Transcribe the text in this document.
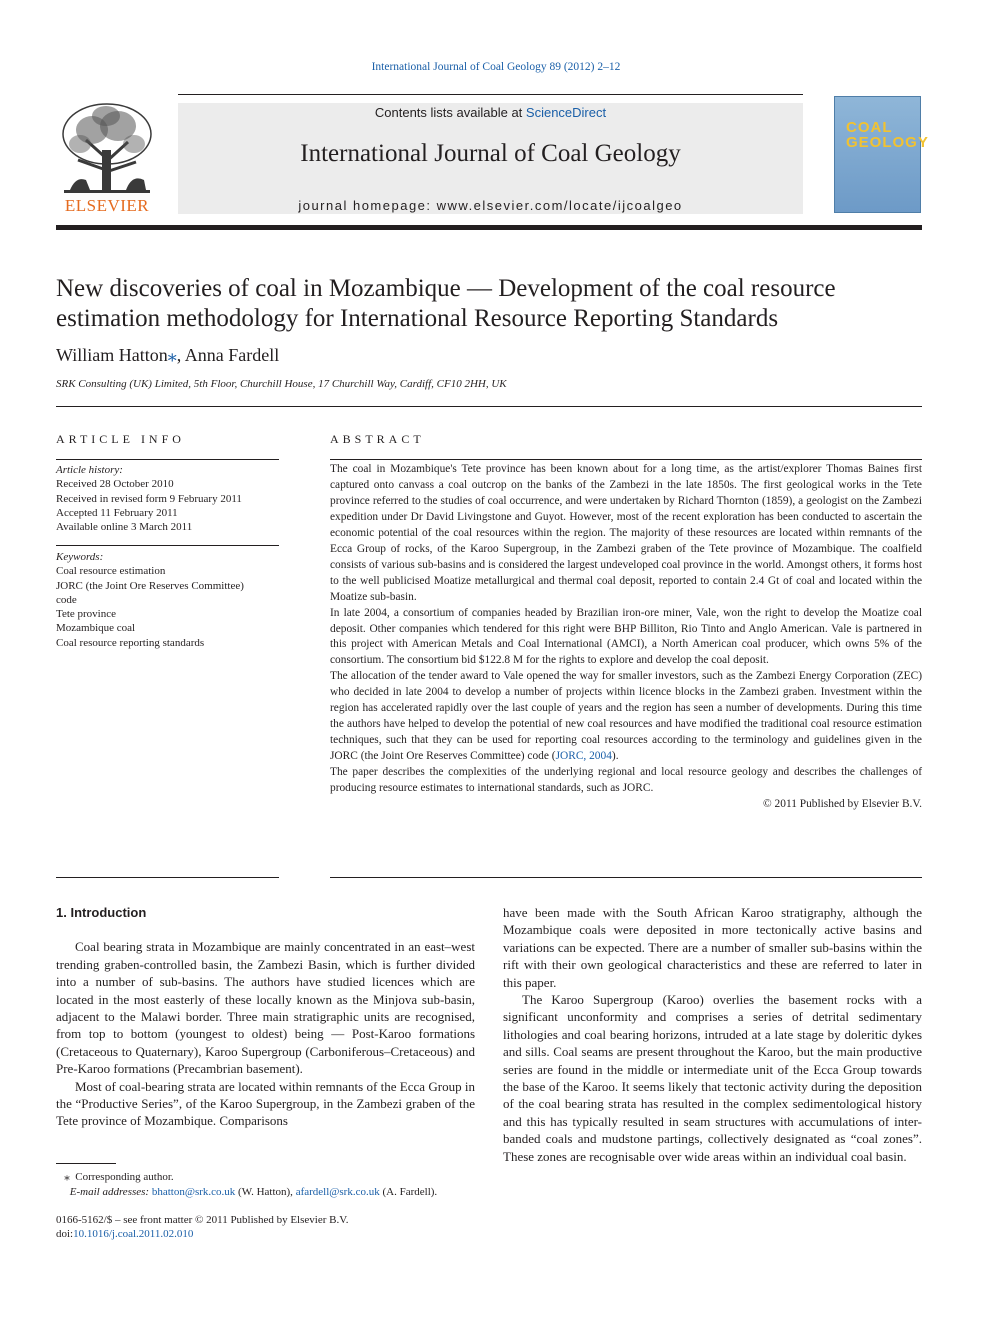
International Journal of Coal Geology 89 (2012) 2–12
ELSEVIER
Contents lists available at ScienceDirect
International Journal of Coal Geology
journal homepage: www.elsevier.com/locate/ijcoalgeo
COAL
GEOLOGY
New discoveries of coal in Mozambique — Development of the coal resource
estimation methodology for International Resource Reporting Standards
William Hatton⁎, Anna Fardell
SRK Consulting (UK) Limited, 5th Floor, Churchill House, 17 Churchill Way, Cardiff, CF10 2HH, UK
ARTICLE INFO
Article history:
Received 28 October 2010
Received in revised form 9 February 2011
Accepted 11 February 2011
Available online 3 March 2011
Keywords:
Coal resource estimation
JORC (the Joint Ore Reserves Committee)
code
Tete province
Mozambique coal
Coal resource reporting standards
ABSTRACT

The coal in Mozambique's Tete province has been known about for a long time, as the artist/explorer Thomas Baines first captured onto canvass a coal outcrop on the banks of the Zambezi in the late 1850s. The first geological works in the Tete province referred to the studies of coal occurrence, and were undertaken by Richard Thornton (1859), a geologist on the Zambezi expedition under Dr David Livingstone and Guyot. However, most of the recent exploration has been conducted to ascertain the economic potential of the coal resources within the region. The majority of these resources are located within remnants of the Ecca Group of rocks, of the Karoo Supergroup, in the Zambezi graben of the Tete province of Mozambique. The coalfield consists of various sub-basins and is considered the largest undeveloped coal province in the world. Amongst others, it forms host to the well publicised Moatize metallurgical and thermal coal deposit, reported to contain 2.4 Gt of coal and located within the Moatize sub-basin.

In late 2004, a consortium of companies headed by Brazilian iron-ore miner, Vale, won the right to develop the Moatize coal deposit. Other companies which tendered for this right were BHP Billiton, Rio Tinto and Anglo American. Vale is partnered in this project with American Metals and Coal International (AMCI), a North American coal producer, which owns 5% of the consortium. The consortium bid $122.8 M for the rights to explore and develop the coal deposit.

The allocation of the tender award to Vale opened the way for smaller investors, such as the Zambezi Energy Corporation (ZEC) who decided in late 2004 to develop a number of projects within licence blocks in the Zambezi graben. Investment within the region has accelerated rapidly over the last couple of years and the region has seen a number of developments. During this time the authors have helped to develop the potential of new coal resources and have modified the traditional coal resource estimation techniques, such that they can be used for reporting coal resources according to the terminology and guidelines given in the JORC (the Joint Ore Reserves Committee) code (JORC, 2004).

The paper describes the complexities of the underlying regional and local resource geology and describes the challenges of producing resource estimates to international standards, such as JORC.

© 2011 Published by Elsevier B.V.

1. Introduction

Coal bearing strata in Mozambique are mainly concentrated in an east–west trending graben-controlled basin, the Zambezi Basin, which is further divided into a number of sub-basins. The authors have studied licences which are located in the most easterly of these locally known as the Minjova sub-basin, adjacent to the Malawi border. Three main stratigraphic units are recognised, from top to bottom (youngest to oldest) being — Post-Karoo formations (Cretaceous to Quaternary), Karoo Supergroup (Carboniferous–Cretaceous) and Pre-Karoo formations (Precambrian basement).

Most of coal-bearing strata are located within remnants of the Ecca Group in the “Productive Series”, of the Karoo Supergroup, in the Zambezi graben of the Tete province of Mozambique. Comparisons

have been made with the South African Karoo stratigraphy, although the Mozambique coals were deposited in more tectonically active basins and variations can be expected. There are a number of smaller sub-basins within the rift with their own geological characteristics and these are referred to later in this paper.

The Karoo Supergroup (Karoo) overlies the basement rocks with a significant unconformity and comprises a series of detrital sedimentary lithologies and coal bearing horizons, intruded at a late stage by doleritic dykes and sills. Coal seams are present throughout the Karoo, but the main productive series are found in the middle or intermediate unit of the Ecca Group towards the base of the Karoo. It seems likely that tectonic activity during the deposition of the coal bearing strata has resulted in the complex sedimentological history and this has typically resulted in seam structures with accumulations of inter-banded coals and mudstone partings, collectively designated as “coal zones”. These zones are recognisable over wide areas within an individual coal basin.

⁎ Corresponding author.
E-mail addresses: bhatton@srk.co.uk (W. Hatton), afardell@srk.co.uk (A. Fardell).
0166-5162/$ – see front matter © 2011 Published by Elsevier B.V.
doi:10.1016/j.coal.2011.02.010
